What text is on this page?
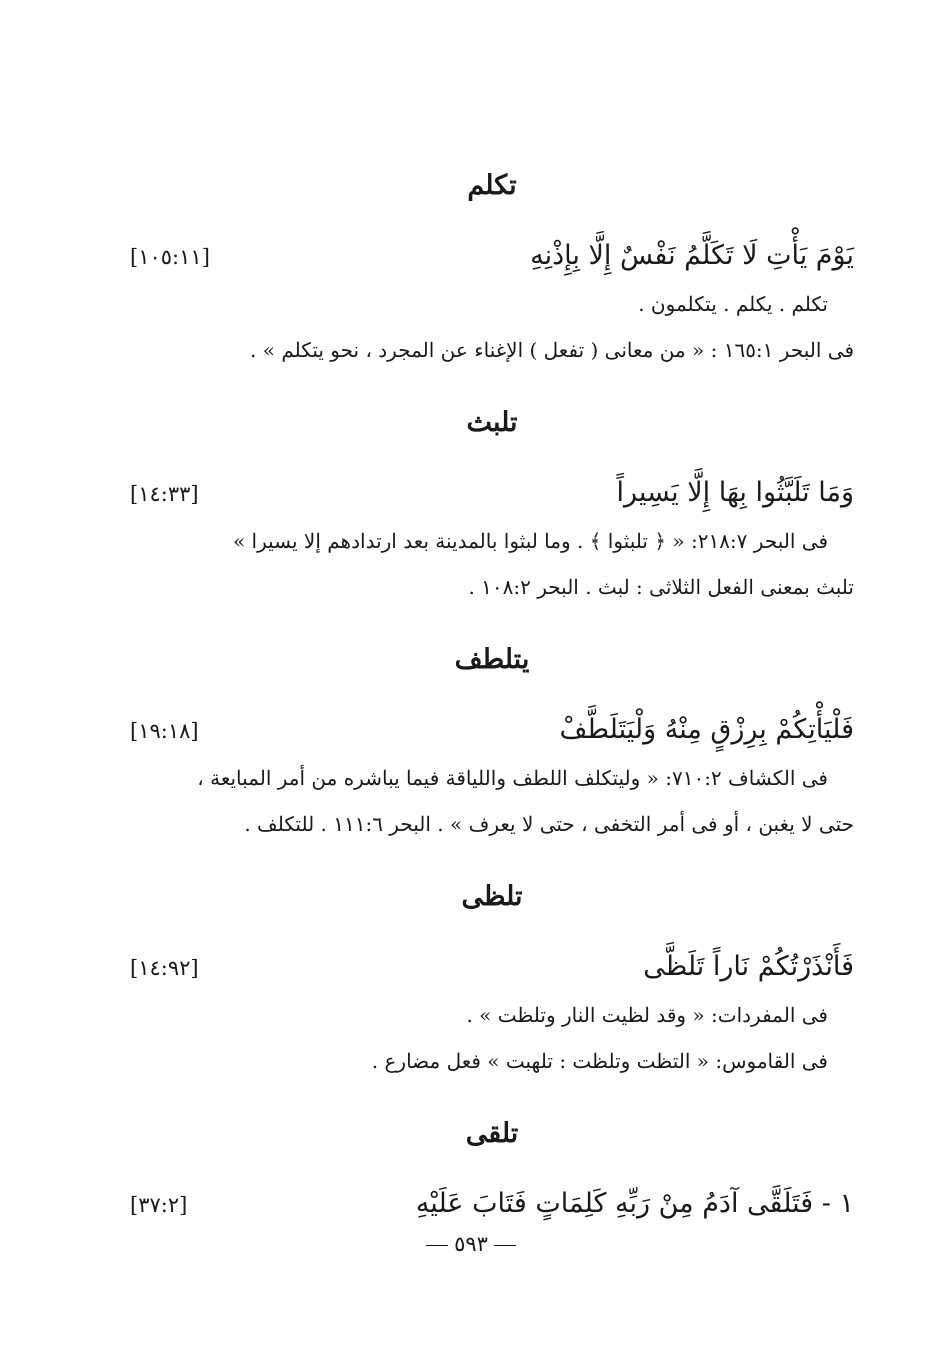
تكلم
يَوْمَ يَأْتِ لَا تَكَلَّمُ نَفْسٌ إِلَّا بِإِذْنِهِ
[١٠٥:١١]

تكلم . يكلم . يتكلمون .

فى البحر ١٦٥:١ : « من معانى ( تفعل ) الإغناء عن المجرد ، نحو يتكلم » .

تلبث
وَمَا تَلَبَّثُوا بِهَا إِلَّا يَسِيراً
[١٤:٣٣]

فى البحر ٢١٨:٧: « ﴿ تلبثوا ﴾ . وما لبثوا بالمدينة بعد ارتدادهم إلا يسيرا »

تلبث بمعنى الفعل الثلاثى : لبث . البحر ١٠٨:٢ .

يتلطف
فَلْيَأْتِكُمْ بِرِزْقٍ مِنْهُ وَلْيَتَلَطَّفْ
[١٩:١٨]

فى الكشاف ٧١٠:٢: « وليتكلف اللطف واللياقة فيما يباشره من أمر المبايعة ،

حتى لا يغبن ، أو فى أمر التخفى ، حتى لا يعرف » . البحر ١١١:٦ . للتكلف .

تلظى
فَأَنْذَرْتُكُمْ نَاراً تَلَظَّى
[١٤:٩٢]

فى المفردات: « وقد لظيت النار وتلظت » .

فى القاموس: « التظت وتلظت : تلهبت » فعل مضارع .

تلقى
١ - فَتَلَقَّى آدَمُ مِنْ رَبِّهِ كَلِمَاتٍ فَتَابَ عَلَيْهِ
[٣٧:٢]
٥٩٣
